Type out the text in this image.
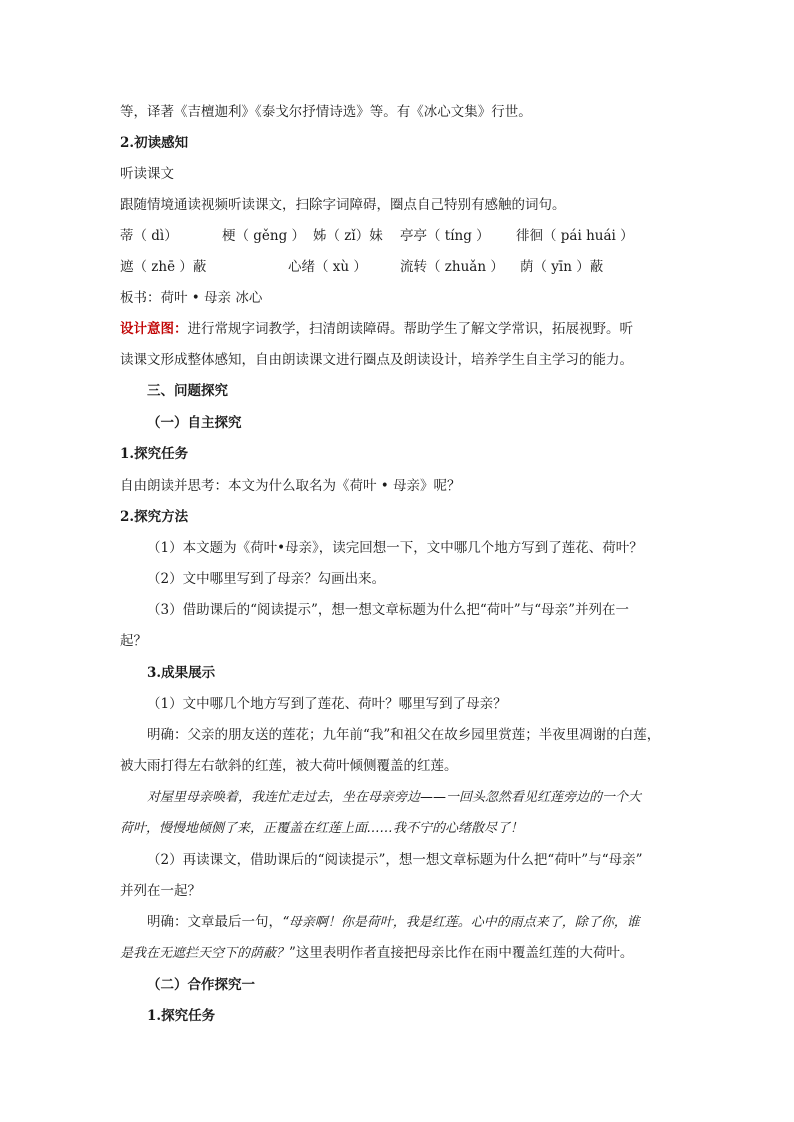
等，译著《吉檀迦利》《泰戈尔抒情诗选》等。有《冰心文集》行世。
2.初读感知
听读课文
跟随情境通读视频听读课文，扫除字词障碍，圈点自己特别有感触的词句。
蒂（ dì）	梗（ gěng ） 姊（ zǐ）妹 亭亭（ tíng ） 徘徊（ pái huái ）
遮（ zhē ）蔽	心绪（ xù ） 流转（ zhuǎn ） 荫（ yīn ）蔽
板书：荷叶 • 母亲 冰心
设计意图：进行常规字词教学，扫清朗读障碍。帮助学生了解文学常识，拓展视野。听
读课文形成整体感知，自由朗读课文进行圈点及朗读设计，培养学生自主学习的能力。
三、问题探究
（一）自主探究
1.探究任务
自由朗读并思考：本文为什么取名为《荷叶 • 母亲》呢？
2.探究方法
（1）本文题为《荷叶•母亲》，读完回想一下，文中哪几个地方写到了莲花、荷叶？
（2）文中哪里写到了母亲？勾画出来。
（3）借助课后的“阅读提示”，想一想文章标题为什么把“荷叶”与“母亲”并列在一
起？
3.成果展示
（1）文中哪几个地方写到了莲花、荷叶？哪里写到了母亲？
明确：父亲的朋友送的莲花；九年前“我”和祖父在故乡园里赏莲；半夜里凋谢的白莲，
被大雨打得左右欹斜的红莲，被大荷叶倾侧覆盖的红莲。
对屋里母亲唤着，我连忙走过去，坐在母亲旁边——一回头忽然看见红莲旁边的一个大
荷叶，慢慢地倾侧了来，正覆盖在红莲上面……我不宁的心绪散尽了！
（2）再读课文，借助课后的“阅读提示”，想一想文章标题为什么把“荷叶”与“母亲”
并列在一起？
明确：文章最后一句，“母亲啊！你是荷叶，我是红莲。心中的雨点来了，除了你，谁
是我在无遮拦天空下的荫蔽？”这里表明作者直接把母亲比作在雨中覆盖红莲的大荷叶。
（二）合作探究一
1.探究任务
